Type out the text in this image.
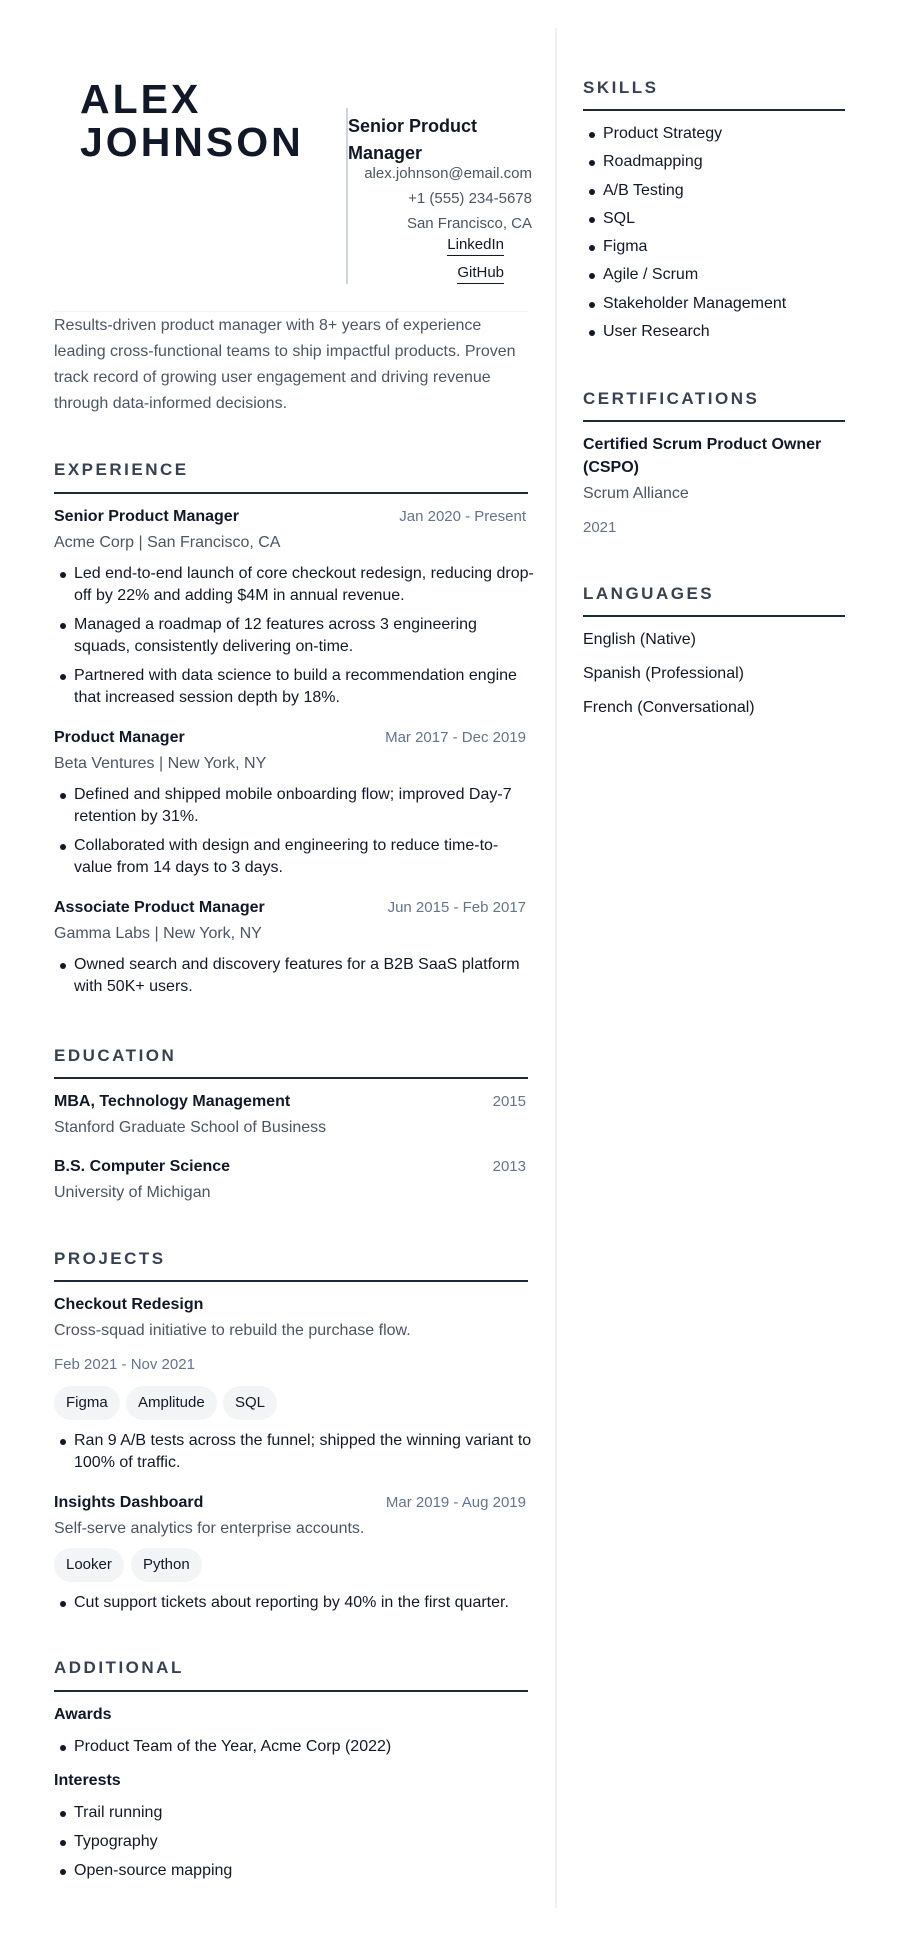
ALEX
JOHNSON	Senior Product
Manager
alex.johnson@email.com
+1 (555) 234-5678
San Francisco, CA
LinkedIn
GitHub
Results-driven product manager with 8+ years of experience leading cross-functional teams to ship impactful products. Proven track record of growing user engagement and driving revenue through data-informed decisions.
EXPERIENCE
Senior Product Manager	Jan 2020 - Present
Acme Corp | San Francisco, CA
Led end-to-end launch of core checkout redesign, reducing drop-off by 22% and adding $4M in annual revenue.
Managed a roadmap of 12 features across 3 engineering squads, consistently delivering on-time.
Partnered with data science to build a recommendation engine that increased session depth by 18%.
Product Manager	Mar 2017 - Dec 2019
Beta Ventures | New York, NY
Defined and shipped mobile onboarding flow; improved Day-7 retention by 31%.
Collaborated with design and engineering to reduce time-to-value from 14 days to 3 days.
Associate Product Manager	Jun 2015 - Feb 2017
Gamma Labs | New York, NY
Owned search and discovery features for a B2B SaaS platform with 50K+ users.
EDUCATION
MBA, Technology Management	2015
Stanford Graduate School of Business
B.S. Computer Science	2013
University of Michigan
PROJECTS
Checkout Redesign
Cross-squad initiative to rebuild the purchase flow.
Feb 2021 - Nov 2021
Figma	Amplitude	SQL
Ran 9 A/B tests across the funnel; shipped the winning variant to 100% of traffic.
Insights Dashboard	Mar 2019 - Aug 2019
Self-serve analytics for enterprise accounts.
Looker	Python
Cut support tickets about reporting by 40% in the first quarter.
ADDITIONAL
Awards
Product Team of the Year, Acme Corp (2022)
Interests
Trail running
Typography
Open-source mapping
SKILLS
Product Strategy
Roadmapping
A/B Testing
SQL
Figma
Agile / Scrum
Stakeholder Management
User Research
CERTIFICATIONS
Certified Scrum Product Owner
(CSPO)
Scrum Alliance
2021
LANGUAGES
English (Native)
Spanish (Professional)
French (Conversational)
